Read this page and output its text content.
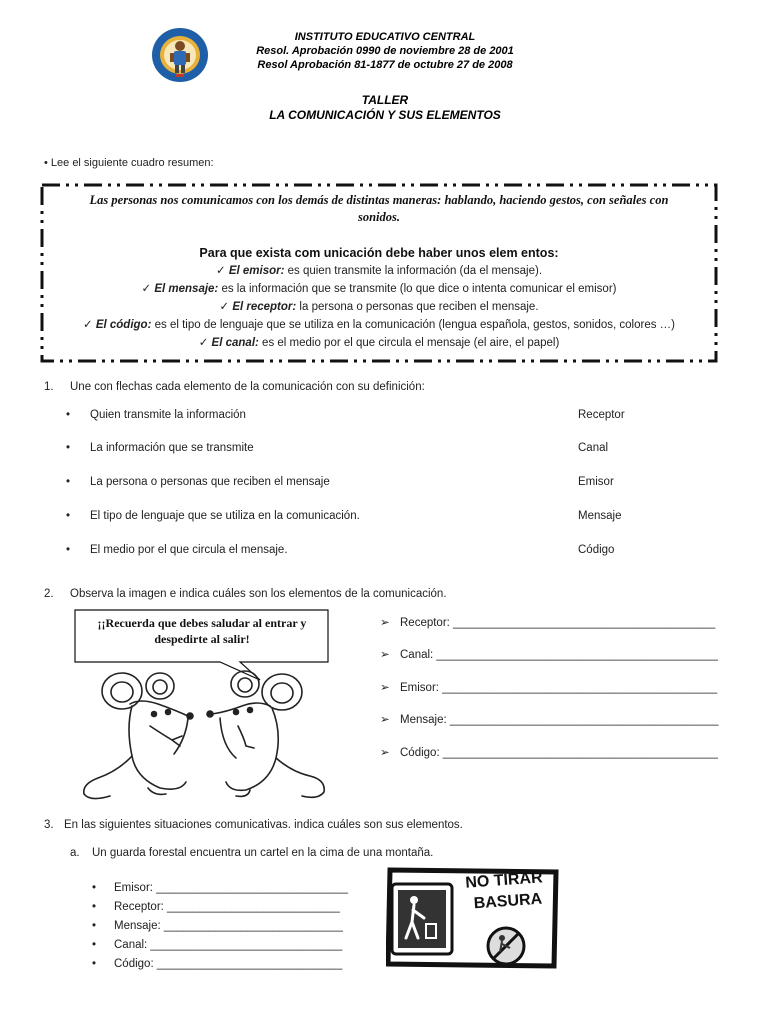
INSTITUTO EDUCATIVO CENTRAL
Resol. Aprobación 0990 de noviembre 28 de 2001
Resol Aprobación 81-1877 de octubre 27 de 2008
TALLER
LA COMUNICACIÓN Y SUS ELEMENTOS
• Lee el siguiente cuadro resumen:
Las personas nos comunicamos con los demás de distintas maneras: hablando, haciendo gestos, con señales con
sonidos.
Para que exista com unicación debe haber unos elem entos:
✓ El emisor: es quien transmite la información (da el mensaje).
✓ El mensaje: es la información que se transmite (lo que dice o intenta comunicar el emisor)
✓ El receptor: la persona o personas que reciben el mensaje.
✓ El código: es el tipo de lenguaje que se utiliza en la comunicación (lengua española, gestos, sonidos, colores …)
✓ El canal: es el medio por el que circula el mensaje (el aire, el papel)
1. Une con flechas cada elemento de la comunicación con su definición:
• Quien transmite la información
• La información que se transmite
• La persona o personas que reciben el mensaje
• El tipo de lenguaje que se utiliza en la comunicación.
• El medio por el que circula el mensaje.
Receptor
Canal
Emisor
Mensaje
Código
2. Observa la imagen e indica cuáles son los elementos de la comunicación.
¡¡Recuerda que debes saludar al entrar y
despedirte al salir!
➢ Receptor: _________________________________________
➢ Canal: ____________________________________________
➢ Emisor: ___________________________________________
➢ Mensaje: __________________________________________
➢ Código: ___________________________________________
3. En las siguientes situaciones comunicativas. indica cuáles son sus elementos.
a. Un guarda forestal encuentra un cartel en la cima de una montaña.
• Emisor: ______________________________
• Receptor: ___________________________
• Mensaje: ____________________________
• Canal: ______________________________
• Código: _____________________________
NO TIRAR
BASURA
